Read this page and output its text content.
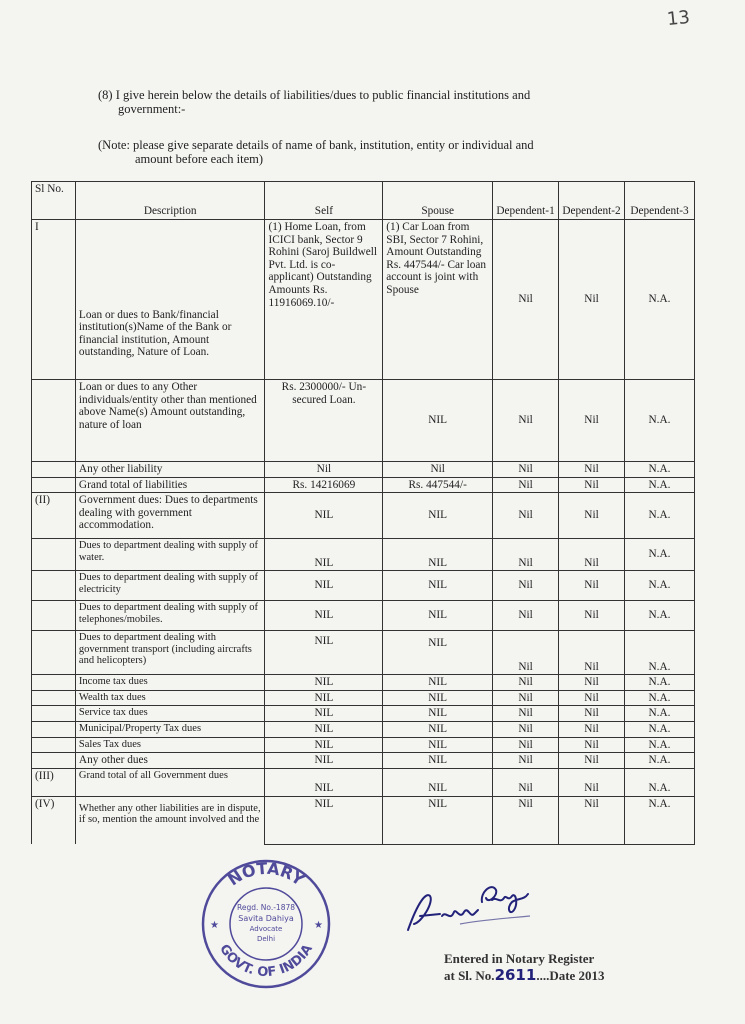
13
(8) I give herein below the details of liabilities/dues to public financial institutions and
government:-
(Note: please give separate details of name of bank, institution, entity or individual and
amount before each item)
Sl No.	Description	Self	Spouse	Dependent-1	Dependent-2	Dependent-3
I	Loan or dues to Bank/financial institution(s)Name of the Bank or financial institution, Amount outstanding, Nature of Loan.	(1) Home Loan, from ICICI bank, Sector 9 Rohini (Saroj Buildwell Pvt. Ltd. is co-applicant) Outstanding Amounts Rs. 11916069.10/-	(1) Car Loan from SBI, Sector 7 Rohini, Amount Outstanding Rs. 447544/- Car loan account is joint with Spouse	Nil	Nil	N.A.
	Loan or dues to any Other individuals/entity other than mentioned above Name(s) Amount outstanding, nature of loan	Rs. 2300000/- Un-secured Loan.	NIL	Nil	Nil	N.A.
	Any other liability	Nil	Nil	Nil	Nil	N.A.
	Grand total of liabilities	Rs. 14216069	Rs. 447544/-	Nil	Nil	N.A.
(II)	Government dues: Dues to departments dealing with government accommodation.	NIL	NIL	Nil	Nil	N.A.
	Dues to department dealing with supply of water.	NIL	NIL	Nil	Nil	N.A.
	Dues to department dealing with supply of electricity	NIL	NIL	Nil	Nil	N.A.
	Dues to department dealing with supply of telephones/mobiles.	NIL	NIL	Nil	Nil	N.A.
	Dues to department dealing with government transport (including aircrafts and helicopters)	NIL	NIL	Nil	Nil	N.A.
	Income tax dues	NIL	NIL	Nil	Nil	N.A.
	Wealth tax dues	NIL	NIL	Nil	Nil	N.A.
	Service tax dues	NIL	NIL	Nil	Nil	N.A.
	Municipal/Property Tax dues	NIL	NIL	Nil	Nil	N.A.
	Sales Tax dues	NIL	NIL	Nil	Nil	N.A.
	Any other dues	NIL	NIL	Nil	Nil	N.A.
(III)	Grand total of all Government dues	NIL	NIL	Nil	Nil	N.A.
(IV)	Whether any other liabilities are in dispute, if so, mention the amount involved and the	NIL	NIL	Nil	Nil	N.A.
NOTARY
GOVT. OF INDIA
★	★
Regd. No.-1878
Savita Dahiya
Advocate
Delhi
Entered in Notary Register
at Sl. No.2611....Date 2013
